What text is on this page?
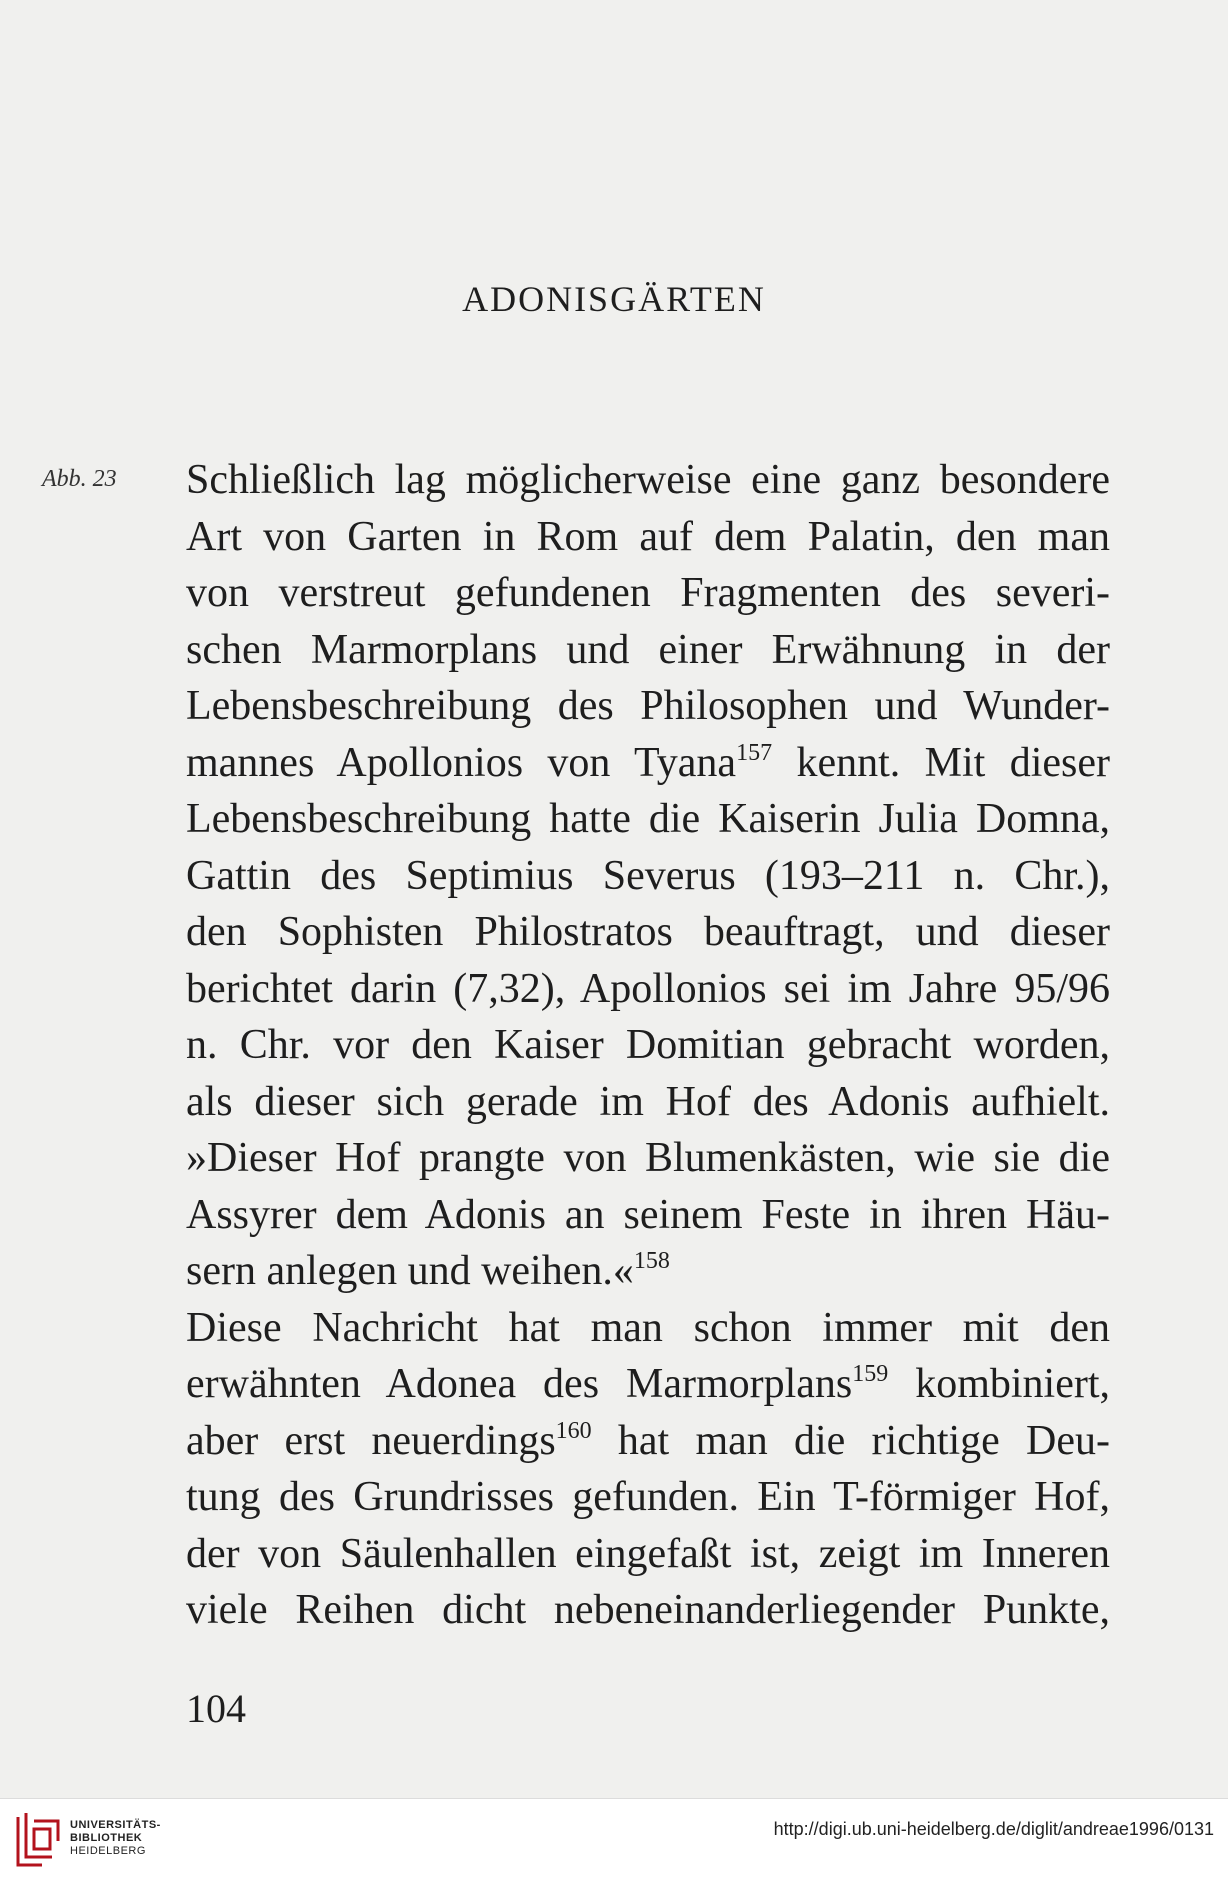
ADONISGÄRTEN
Abb. 23 Schließlich lag möglicherweise eine ganz besondere
Art von Garten in Rom auf dem Palatin, den man
von verstreut gefundenen Fragmenten des severi-
schen Marmorplans und einer Erwähnung in der
Lebensbeschreibung des Philosophen und Wunder-
mannes Apollonios von Tyana$^{157}$ kennt. Mit dieser
Lebensbeschreibung hatte die Kaiserin Julia Domna,
Gattin des Septimius Severus (193–211 n. Chr.),
den Sophisten Philostratos beauftragt, und dieser
berichtet darin (7,32), Apollonios sei im Jahre 95/96
n. Chr. vor den Kaiser Domitian gebracht worden,
als dieser sich gerade im Hof des Adonis aufhielt.
»Dieser Hof prangte von Blumenkästen, wie sie die
Assyrer dem Adonis an seinem Feste in ihren Häu-
sern anlegen und weihen.«$^{158}$
Diese Nachricht hat man schon immer mit den
erwähnten Adonea des Marmorplans$^{159}$ kombiniert,
aber erst neuerdings$^{160}$ hat man die richtige Deu-
tung des Grundrisses gefunden. Ein T-förmiger Hof,
der von Säulenhallen eingefaßt ist, zeigt im Inneren
viele Reihen dicht nebeneinanderliegender Punkte,
104
UNIVERSITÄTS-
BIBLIOTHEK
HEIDELBERG
http://digi.ub.uni-heidelberg.de/diglit/andreae1996/0131
